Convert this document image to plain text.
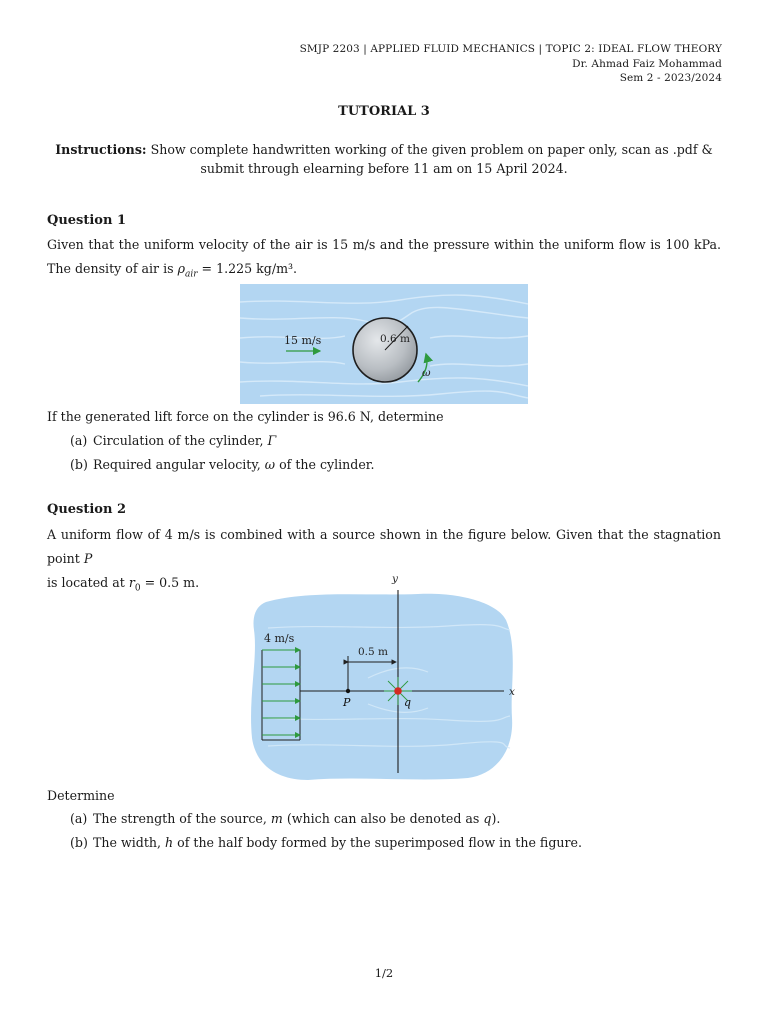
SMJP 2203 | APPLIED FLUID MECHANICS | TOPIC 2: IDEAL FLOW THEORY
Dr. Ahmad Faiz Mohammad
Sem 2 - 2023/2024
TUTORIAL 3
Instructions: Show complete handwritten working of the given problem on paper only, scan as .pdf & submit through elearning before 11 am on 15 April 2024.
Question 1
Given that the uniform velocity of the air is 15 m/s and the pressure within the uniform flow is 100 kPa. The density of air is $\rho_{air} = 1.225$ kg/m³.
0.6 m
15 m/s
ω
If the generated lift force on the cylinder is 96.6 N, determine
(a) Circulation of the cylinder, Γ
(b) Required angular velocity, ω of the cylinder.
Question 2
A uniform flow of 4 m/s is combined with a source shown in the figure below. Given that the stagnation point P
is located at $r_0 = 0.5$ m.	y
x
4 m/s
0.5 m
P	q
Determine
(a) The strength of the source, m (which can also be denoted as q).
(b) The width, h of the half body formed by the superimposed flow in the figure.
1/2
